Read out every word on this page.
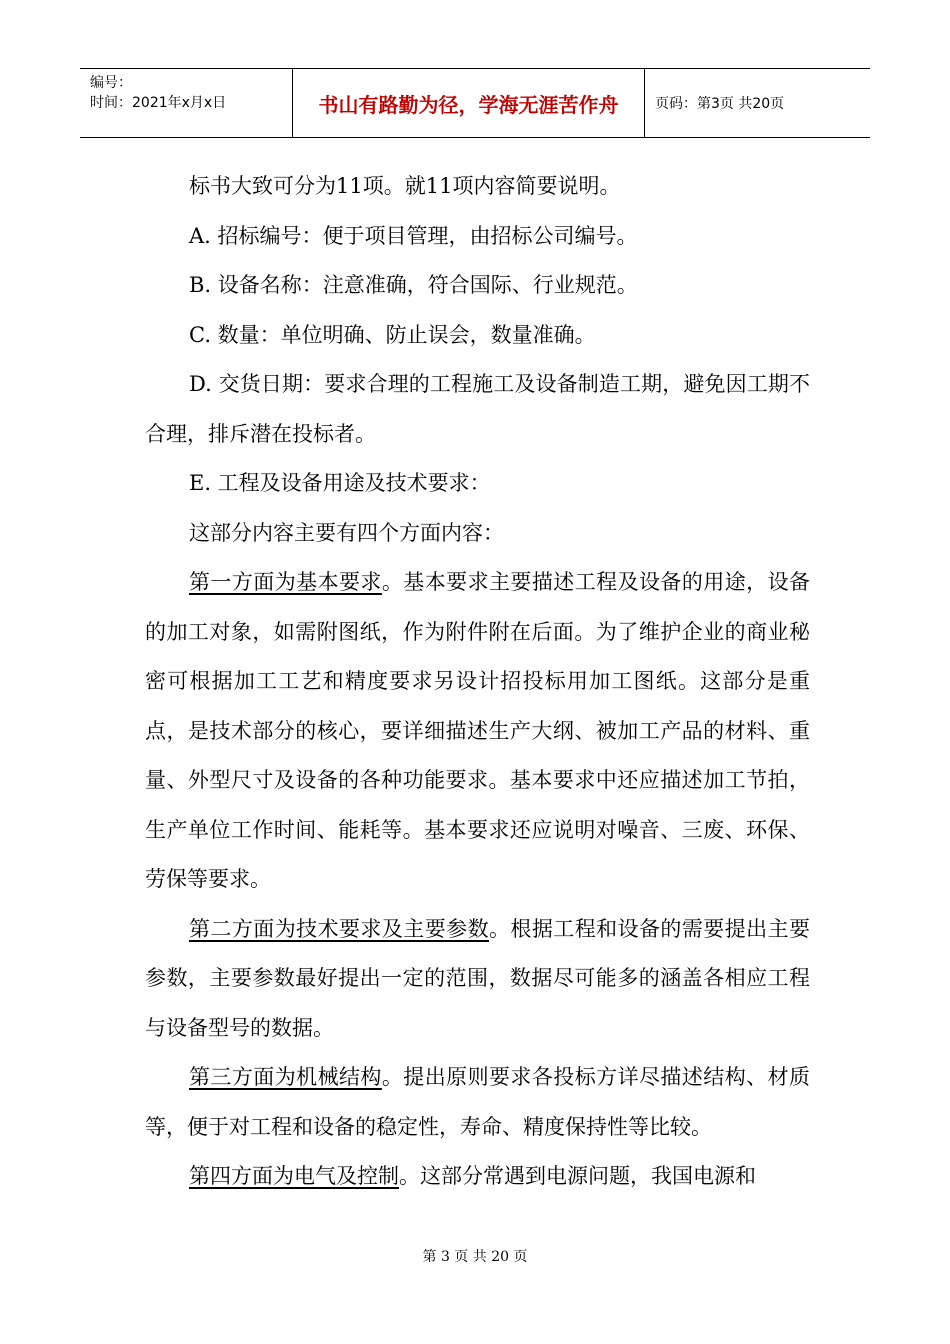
编号：
时间：2021年x月x日	书山有路勤为径，学海无涯苦作舟	页码：第3页 共20页

标书大致可分为11项。就11项内容简要说明。

A. 招标编号：便于项目管理，由招标公司编号。

B. 设备名称：注意准确，符合国际、行业规范。

C. 数量：单位明确、防止误会，数量准确。

D. 交货日期：要求合理的工程施工及设备制造工期，避免因工期不合理，排斥潜在投标者。

E. 工程及设备用途及技术要求：

这部分内容主要有四个方面内容：

第一方面为基本要求。基本要求主要描述工程及设备的用途，设备的加工对象，如需附图纸，作为附件附在后面。为了维护企业的商业秘密可根据加工工艺和精度要求另设计招投标用加工图纸。这部分是重点，是技术部分的核心，要详细描述生产大纲、被加工产品的材料、重量、外型尺寸及设备的各种功能要求。基本要求中还应描述加工节拍，生产单位工作时间、能耗等。基本要求还应说明对噪音、三废、环保、劳保等要求。

第二方面为技术要求及主要参数。根据工程和设备的需要提出主要参数，主要参数最好提出一定的范围，数据尽可能多的涵盖各相应工程与设备型号的数据。

第三方面为机械结构。提出原则要求各投标方详尽描述结构、材质等，便于对工程和设备的稳定性，寿命、精度保持性等比较。

第四方面为电气及控制。这部分常遇到电源问题，我国电源和

第 3 页 共 20 页
